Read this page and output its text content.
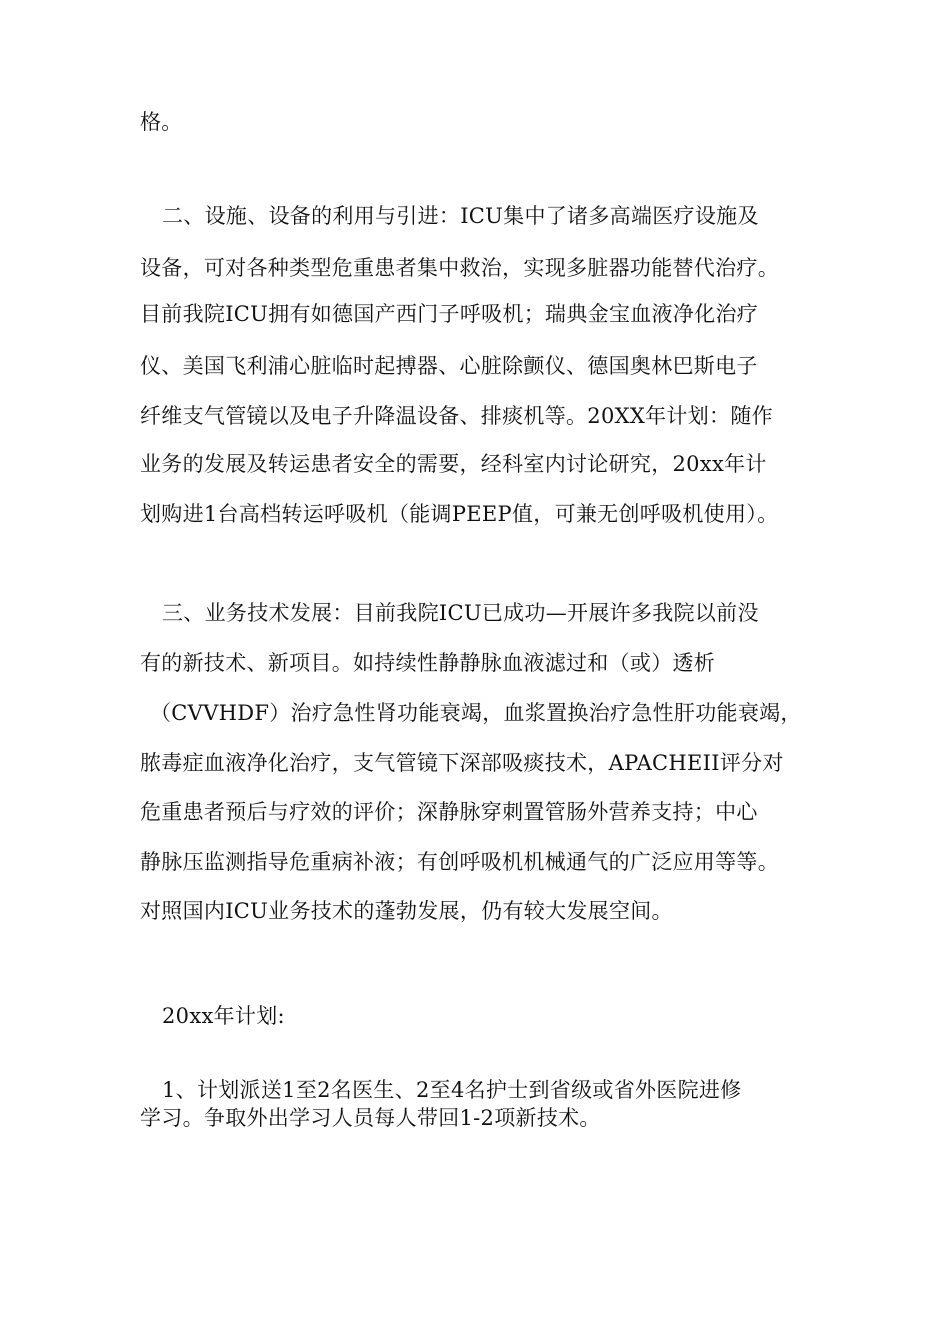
格。
二、设施、设备的利用与引进：ICU集中了诸多高端医疗设施及
设备，可对各种类型危重患者集中救治，实现多脏器功能替代治疗。
目前我院ICU拥有如德国产西门子呼吸机；瑞典金宝血液净化治疗
仪、美国飞利浦心脏临时起搏器、心脏除颤仪、德国奥林巴斯电子
纤维支气管镜以及电子升降温设备、排痰机等。20XX年计划：随作
业务的发展及转运患者安全的需要，经科室内讨论研究，20xx年计
划购进1台高档转运呼吸机（能调PEEP值，可兼无创呼吸机使用）。
三、业务技术发展：目前我院ICU已成功—开展许多我院以前没
有的新技术、新项目。如持续性静静脉血液滤过和（或）透析
（CVVHDF）治疗急性肾功能衰竭，血浆置换治疗急性肝功能衰竭，
脓毒症血液净化治疗，支气管镜下深部吸痰技术，APACHEII评分对
危重患者预后与疗效的评价；深静脉穿刺置管肠外营养支持；中心
静脉压监测指导危重病补液；有创呼吸机机械通气的广泛应用等等。
对照国内ICU业务技术的蓬勃发展，仍有较大发展空间。
20xx年计划:
1、计划派送1至2名医生、2至4名护士到省级或省外医院进修
学习。争取外出学习人员每人带回1-2项新技术。
